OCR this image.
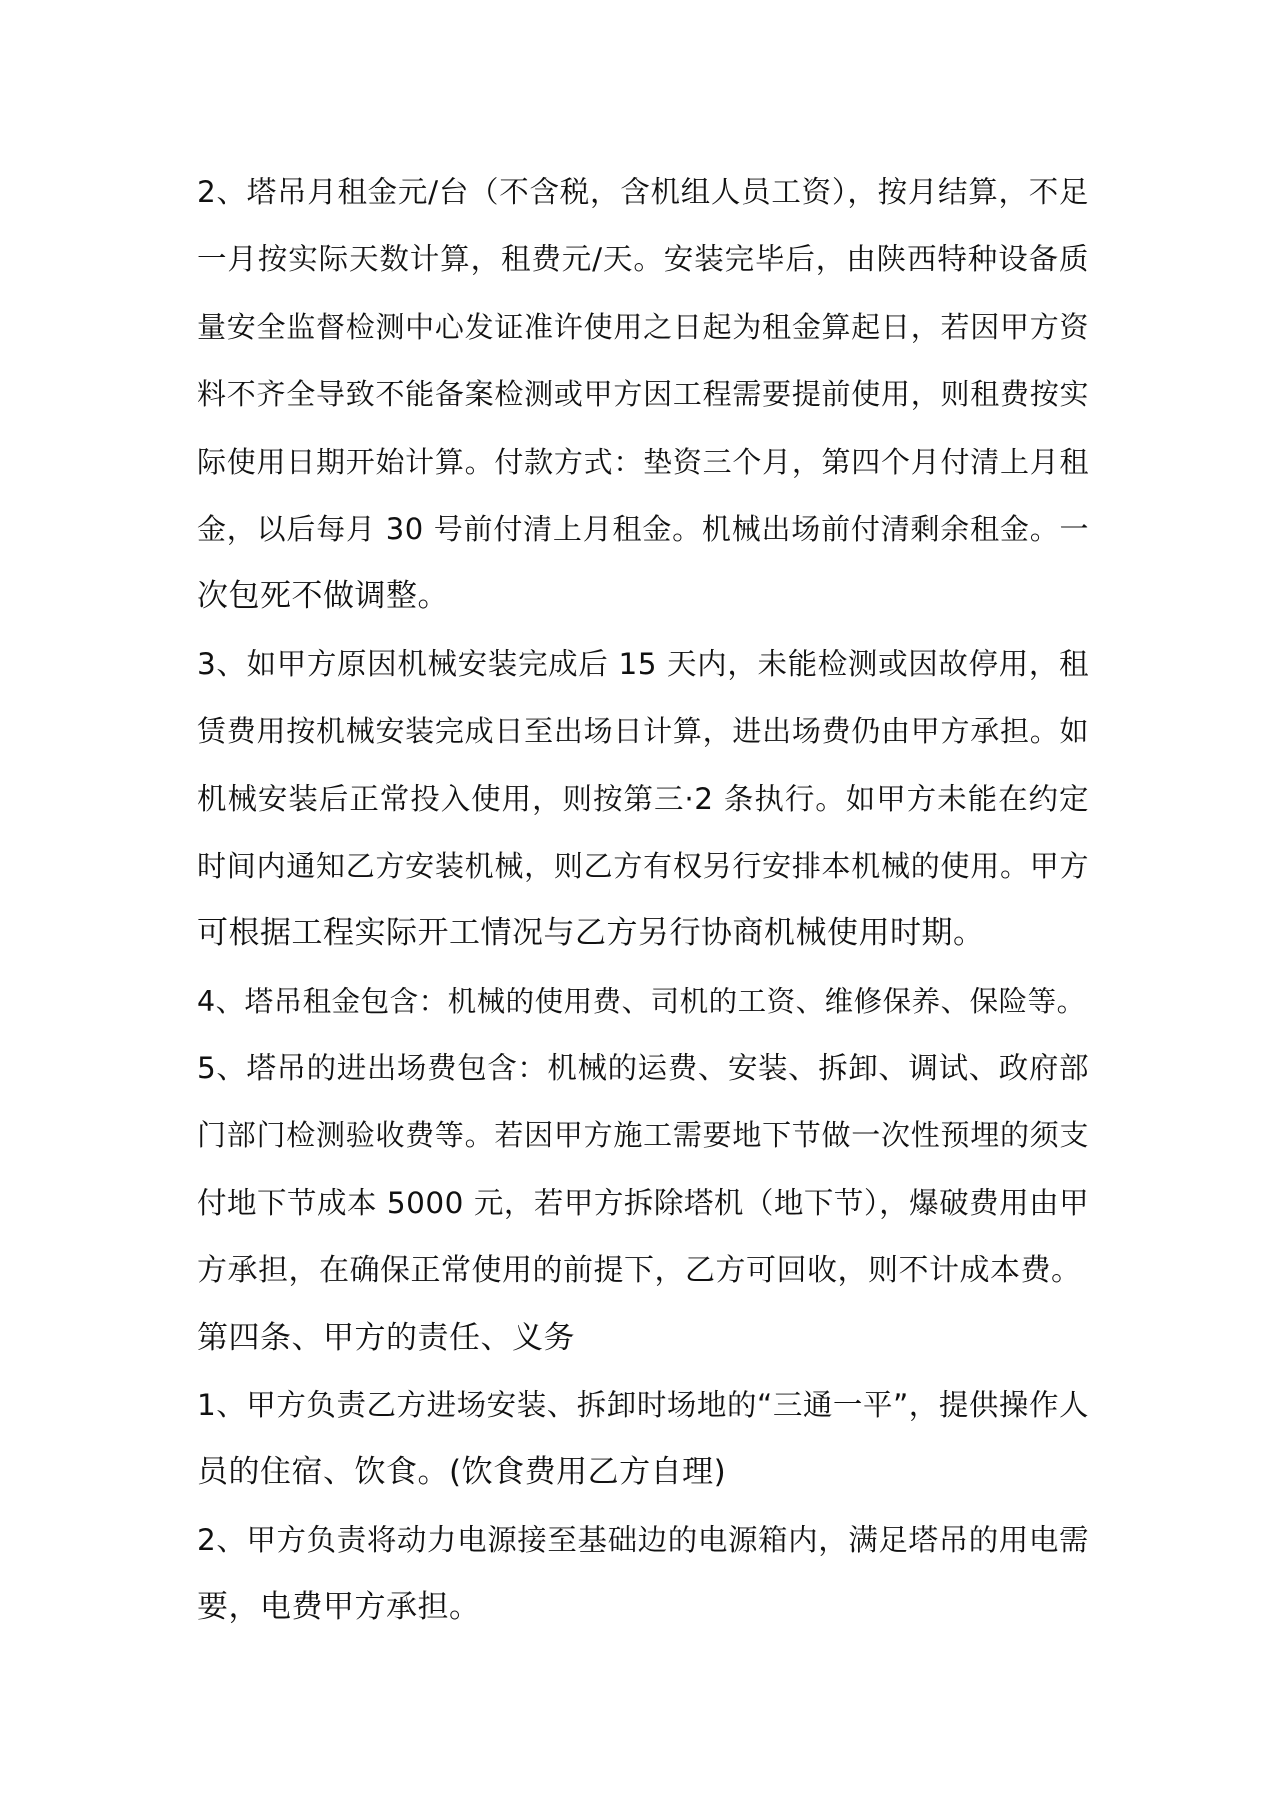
2、塔吊月租金元/台（不含税，含机组人员工资），按月结算，不足
一月按实际天数计算，租费元/天。安装完毕后，由陕西特种设备质
量安全监督检测中心发证准许使用之日起为租金算起日，若因甲方资
料不齐全导致不能备案检测或甲方因工程需要提前使用，则租费按实
际使用日期开始计算。付款方式：垫资三个月，第四个月付清上月租
金，以后每月 30 号前付清上月租金。机械出场前付清剩余租金。一
次包死不做调整。
3、如甲方原因机械安装完成后 15 天内，未能检测或因故停用，租
赁费用按机械安装完成日至出场日计算，进出场费仍由甲方承担。如
机械安装后正常投入使用，则按第三·2 条执行。如甲方未能在约定
时间内通知乙方安装机械，则乙方有权另行安排本机械的使用。甲方
可根据工程实际开工情况与乙方另行协商机械使用时期。
4、塔吊租金包含：机械的使用费、司机的工资、维修保养、保险等。
5、塔吊的进出场费包含：机械的运费、安装、拆卸、调试、政府部
门部门检测验收费等。若因甲方施工需要地下节做一次性预埋的须支
付地下节成本 5000 元，若甲方拆除塔机（地下节），爆破费用由甲
方承担，在确保正常使用的前提下，乙方可回收，则不计成本费。
第四条、甲方的责任、义务
1、甲方负责乙方进场安装、拆卸时场地的“三通一平”，提供操作人
员的住宿、饮食。(饮食费用乙方自理)
2、甲方负责将动力电源接至基础边的电源箱内，满足塔吊的用电需
要，电费甲方承担。
